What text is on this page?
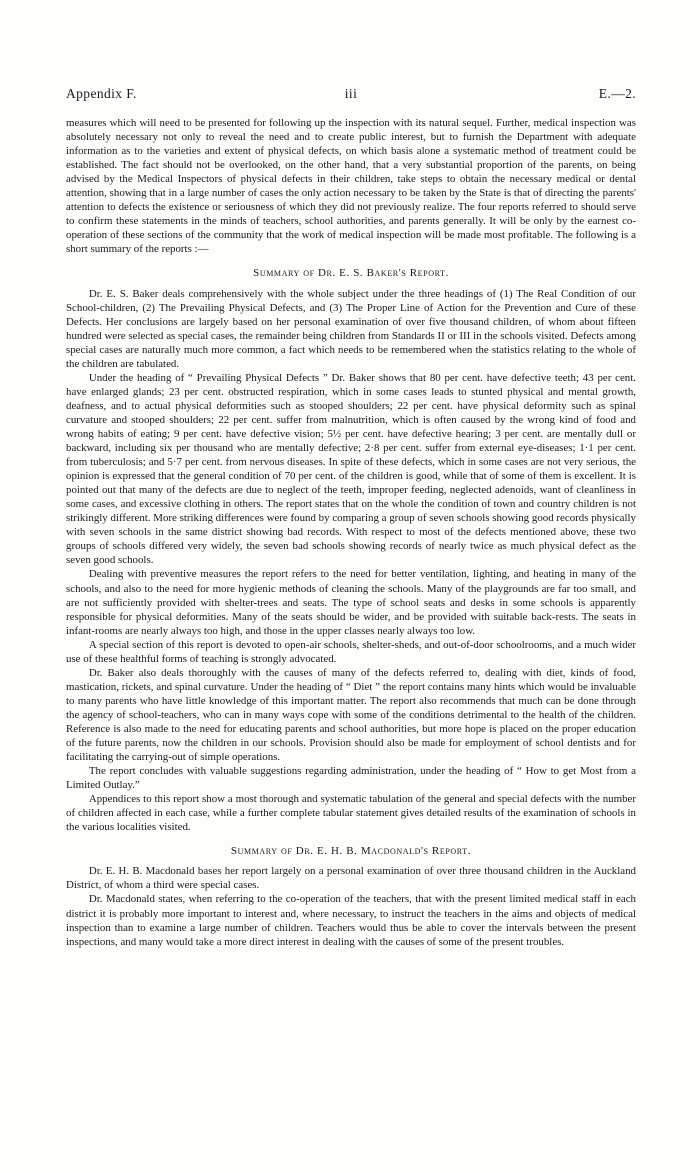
Appendix F.	iii	E.—2.

measures which will need to be presented for following up the inspection with its natural sequel. Further, medical inspection was absolutely necessary not only to reveal the need and to create public interest, but to furnish the Department with adequate information as to the varieties and extent of physical defects, on which basis alone a systematic method of treatment could be established. The fact should not be overlooked, on the other hand, that a very substantial proportion of the parents, on being advised by the Medical Inspectors of physical defects in their children, take steps to obtain the necessary medical or dental attention, showing that in a large number of cases the only action necessary to be taken by the State is that of directing the parents' attention to defects the existence or seriousness of which they did not previously realize. The four reports referred to should serve to confirm these statements in the minds of teachers, school authorities, and parents generally. It will be only by the earnest co-operation of these sections of the community that the work of medical inspection will be made most profitable. The following is a short summary of the reports :—

Summary of Dr. E. S. Baker's Report.

Dr. E. S. Baker deals comprehensively with the whole subject under the three headings of (1) The Real Condition of our School-children, (2) The Prevailing Physical Defects, and (3) The Proper Line of Action for the Prevention and Cure of these Defects. Her conclusions are largely based on her personal examination of over five thousand children, of whom about fifteen hundred were selected as special cases, the remainder being children from Standards II or III in the schools visited. Defects among special cases are naturally much more common, a fact which needs to be remembered when the statistics relating to the whole of the children are tabulated.

Under the heading of “ Prevailing Physical Defects ” Dr. Baker shows that 80 per cent. have defective teeth; 43 per cent. have enlarged glands; 23 per cent. obstructed respiration, which in some cases leads to stunted physical and mental growth, deafness, and to actual physical deformities such as stooped shoulders; 22 per cent. have physical deformity such as spinal curvature and stooped shoulders; 22 per cent. suffer from malnutrition, which is often caused by the wrong kind of food and wrong habits of eating; 9 per cent. have defective vision; 5½ per cent. have defective hearing; 3 per cent. are mentally dull or backward, including six per thousand who are mentally defective; 2·8 per cent. suffer from external eye-diseases; 1·1 per cent. from tuberculosis; and 5·7 per cent. from nervous diseases. In spite of these defects, which in some cases are not very serious, the opinion is expressed that the general condition of 70 per cent. of the children is good, while that of some of them is excellent. It is pointed out that many of the defects are due to neglect of the teeth, improper feeding, neglected adenoids, want of cleanliness in some cases, and excessive clothing in others. The report states that on the whole the condition of town and country children is not strikingly different. More striking differences were found by comparing a group of seven schools showing good records physically with seven schools in the same district showing bad records. With respect to most of the defects mentioned above, these two groups of schools differed very widely, the seven bad schools showing records of nearly twice as much physical defect as the seven good schools.

Dealing with preventive measures the report refers to the need for better ventilation, lighting, and heating in many of the schools, and also to the need for more hygienic methods of cleaning the schools. Many of the playgrounds are far too small, and are not sufficiently provided with shelter-trees and seats. The type of school seats and desks in some schools is apparently responsible for physical deformities. Many of the seats should be wider, and be provided with suitable back-rests. The seats in infant-rooms are nearly always too high, and those in the upper classes nearly always too low.

A special section of this report is devoted to open-air schools, shelter-sheds, and out-of-door schoolrooms, and a much wider use of these healthful forms of teaching is strongly advocated.

Dr. Baker also deals thoroughly with the causes of many of the defects referred to, dealing with diet, kinds of food, mastication, rickets, and spinal curvature. Under the heading of “ Diet ” the report contains many hints which would be invaluable to many parents who have little knowledge of this important matter. The report also recommends that much can be done through the agency of school-teachers, who can in many ways cope with some of the conditions detrimental to the health of the children. Reference is also made to the need for educating parents and school authorities, but more hope is placed on the proper education of the future parents, now the children in our schools. Provision should also be made for employment of school dentists and for facilitating the carrying-out of simple operations.

The report concludes with valuable suggestions regarding administration, under the heading of “ How to get Most from a Limited Outlay.”

Appendices to this report show a most thorough and systematic tabulation of the general and special defects with the number of children affected in each case, while a further complete tabular statement gives detailed results of the examination of schools in the various localities visited.

Summary of Dr. E. H. B. Macdonald's Report.

Dr. E. H. B. Macdonald bases her report largely on a personal examination of over three thousand children in the Auckland District, of whom a third were special cases.

Dr. Macdonald states, when referring to the co-operation of the teachers, that with the present limited medical staff in each district it is probably more important to interest and, where necessary, to instruct the teachers in the aims and objects of medical inspection than to examine a large number of children. Teachers would thus be able to cover the intervals between the present inspections, and many would take a more direct interest in dealing with the causes of some of the present troubles.
